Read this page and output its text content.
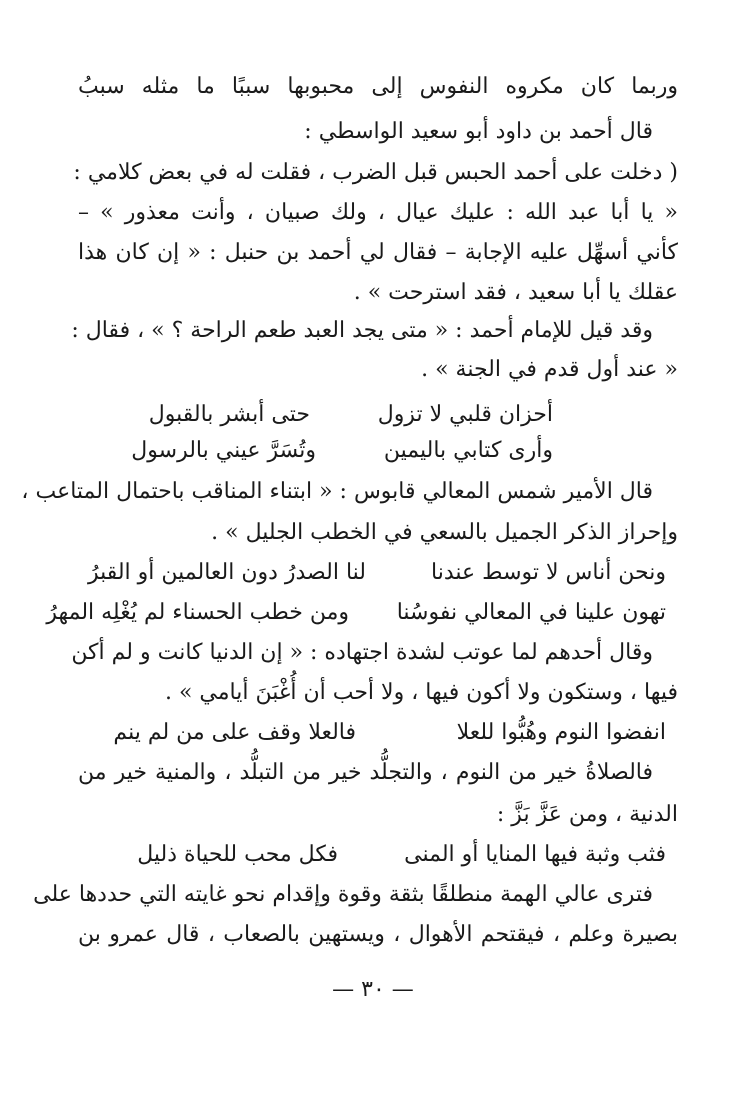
وربما كان مكروه النفوس إلى محبوبها سببًا ما مثله سببُ
قال أحمد بن داود أبو سعيد الواسطي :
( دخلت على أحمد الحبس قبل الضرب ، فقلت له في بعض كلامي :
« يا أبا عبد الله : عليك عيال ، ولك صبيان ، وأنت معذور » –
كأني أسهِّل عليه الإجابة – فقال لي أحمد بن حنبل : « إن كان هذا
عقلك يا أبا سعيد ، فقد استرحت » .
وقد قيل للإمام أحمد : « متى يجد العبد طعم الراحة ؟ » ، فقال :
« عند أول قدم في الجنة » .
أحزان قلبي لا تزول
حتى أبشر بالقبول
وأرى كتابي باليمين
وتُسَرَّ عيني بالرسول
قال الأمير شمس المعالي قابوس : « ابتناء المناقب باحتمال المتاعب ،
وإحراز الذكر الجميل بالسعي في الخطب الجليل » .
ونحن أناس لا توسط عندنا
لنا الصدرُ دون العالمين أو القبرُ
تهون علينا في المعالي نفوسُنا
ومن خطب الحسناء لم يُغْلِه المهرُ
وقال أحدهم لما عوتب لشدة اجتهاده : « إن الدنيا كانت و لم أكن
فيها ، وستكون ولا أكون فيها ، ولا أحب أن أُغْبَنَ أيامي » .
انفضوا النوم وهُبُّوا للعلا
فالعلا وقف على من لم ينم
فالصلاةُ خير من النوم ، والتجلُّد خير من التبلُّد ، والمنية خير من
الدنية ، ومن عَزَّ بَزَّ :
فثب وثبة فيها المنايا أو المنى
فكل محب للحياة ذليل
فترى عالي الهمة منطلقًا بثقة وقوة وإقدام نحو غايته التي حددها على
بصيرة وعلم ، فيقتحم الأهوال ، ويستهين بالصعاب ، قال عمرو بن
— ٣٠ —
